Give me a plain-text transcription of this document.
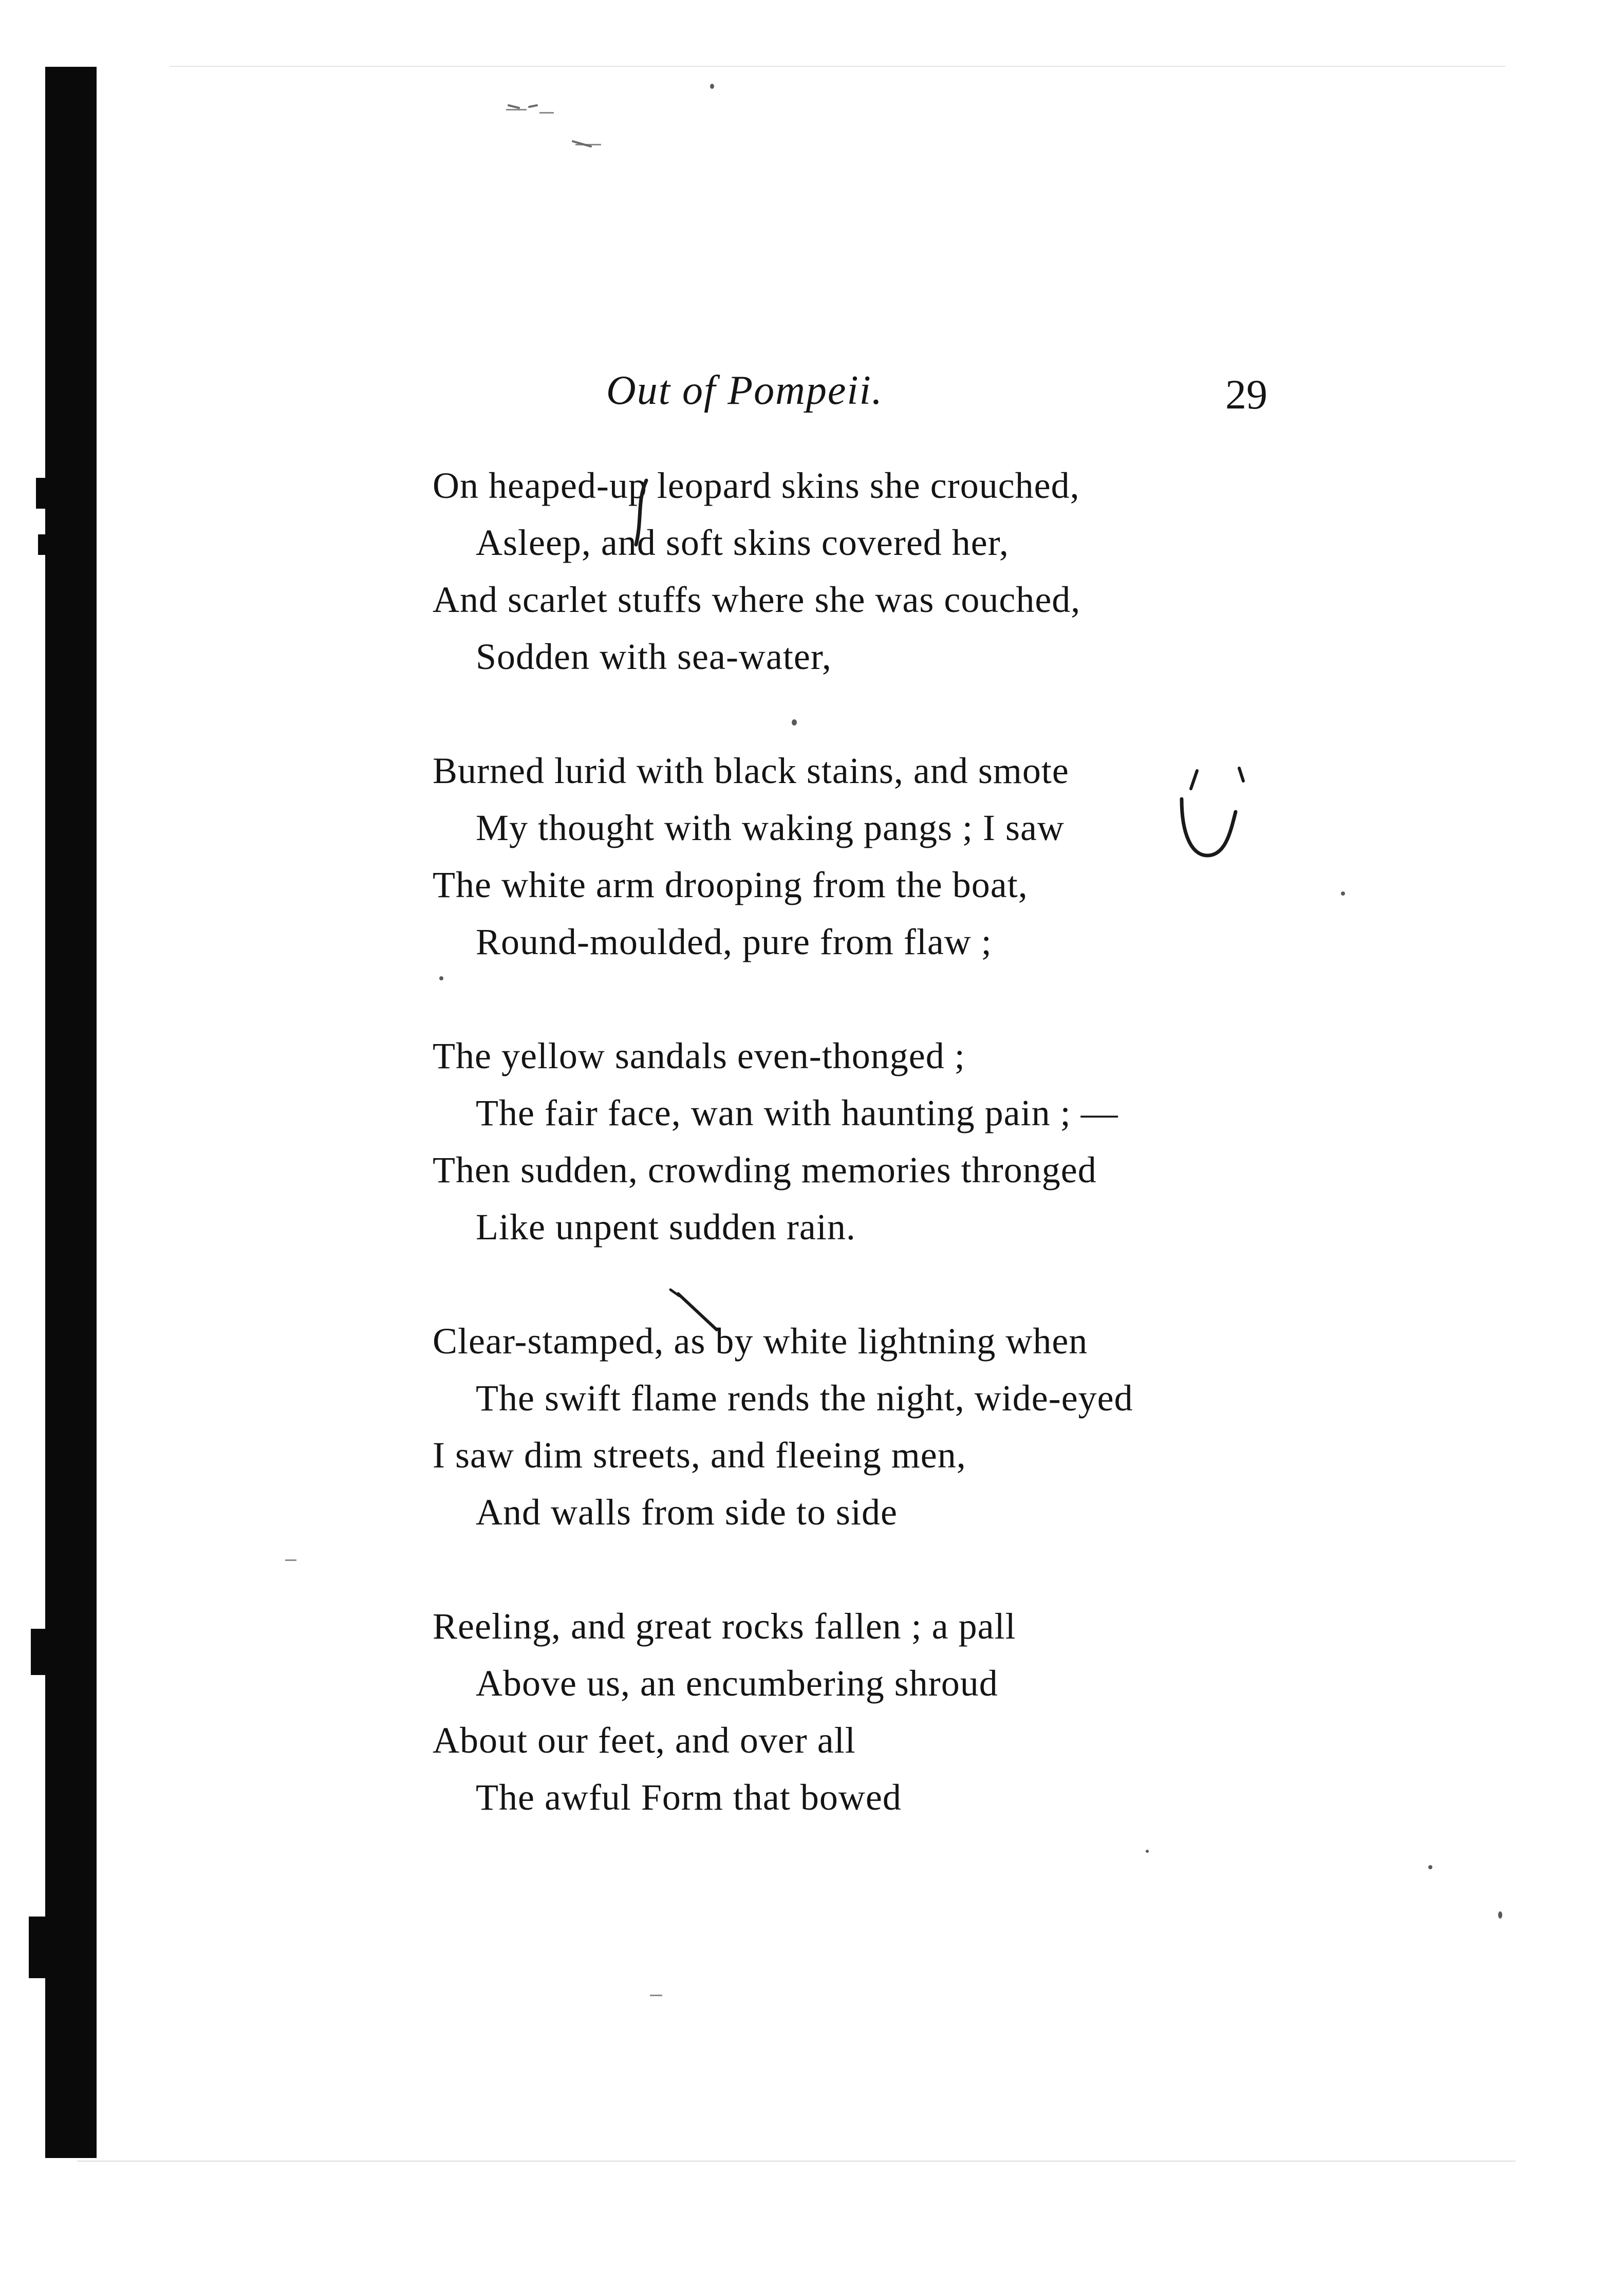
Out of Pompeii.	29
On heaped-up leopard skins she crouched,
Asleep, and soft skins covered her,
And scarlet stuffs where she was couched,
Sodden with sea-water,
Burned lurid with black stains, and smote
My thought with waking pangs ; I saw
The white arm drooping from the boat,
Round-moulded, pure from flaw ;
The yellow sandals even-thonged ;
The fair face, wan with haunting pain ; —
Then sudden, crowding memories thronged
Like unpent sudden rain.
Clear-stamped, as by white lightning when
The swift flame rends the night, wide-eyed
I saw dim streets, and fleeing men,
And walls from side to side
Reeling, and great rocks fallen ; a pall
Above us, an encumbering shroud
About our feet, and over all
The awful Form that bowed
